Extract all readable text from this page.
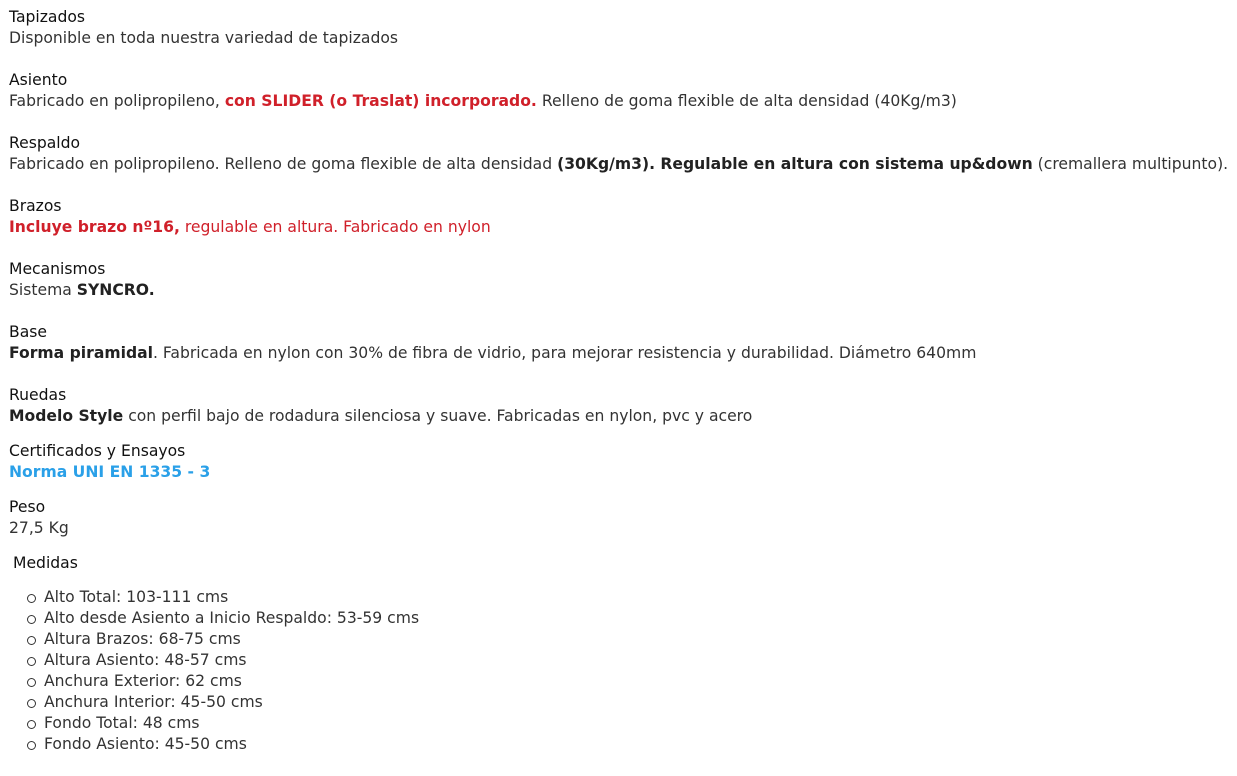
Tapizados
Disponible en toda nuestra variedad de tapizados
Asiento
Fabricado en polipropileno, con SLIDER (o Traslat) incorporado. Relleno de goma flexible de alta densidad (40Kg/m3)
Respaldo
Fabricado en polipropileno. Relleno de goma flexible de alta densidad (30Kg/m3). Regulable en altura con sistema up&down (cremallera multipunto).
Brazos
Incluye brazo nº16, regulable en altura. Fabricado en nylon
Mecanismos
Sistema SYNCRO.
Base
Forma piramidal. Fabricada en nylon con 30% de fibra de vidrio, para mejorar resistencia y durabilidad. Diámetro 640mm
Ruedas
Modelo Style con perfil bajo de rodadura silenciosa y suave. Fabricadas en nylon, pvc y acero
Certificados y Ensayos
Norma UNI EN 1335 - 3
Peso
27,5 Kg
Medidas
Alto Total: 103-111 cms
Alto desde Asiento a Inicio Respaldo: 53-59 cms
Altura Brazos: 68-75 cms
Altura Asiento: 48-57 cms
Anchura Exterior: 62 cms
Anchura Interior: 45-50 cms
Fondo Total: 48 cms
Fondo Asiento: 45-50 cms
